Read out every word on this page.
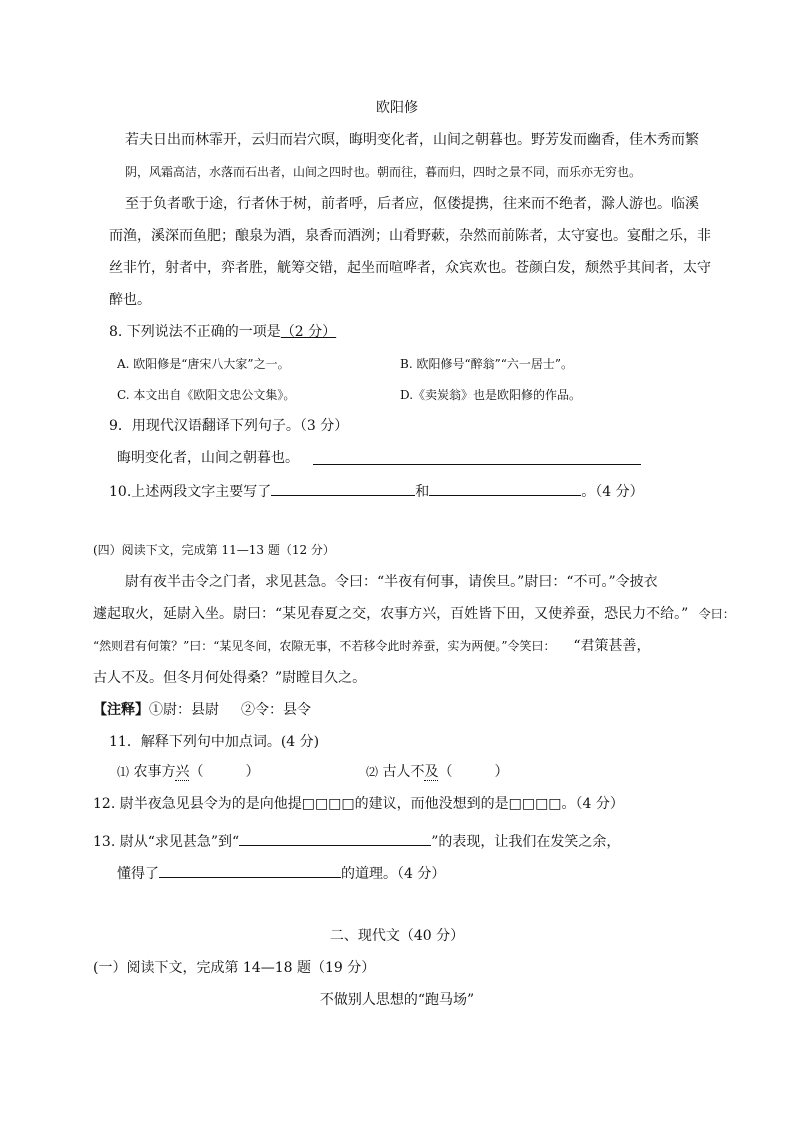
欧阳修
若夫日出而林霏开，云归而岩穴暝，晦明变化者，山间之朝暮也。野芳发而幽香，佳木秀而繁
阴，风霜高洁，水落而石出者，山间之四时也。朝而往，暮而归，四时之景不同，而乐亦无穷也。
至于负者歌于途，行者休于树，前者呼，后者应，伛偻提携，往来而不绝者，滁人游也。临溪
而渔，溪深而鱼肥；酿泉为酒，泉香而酒洌；山肴野蔌，杂然而前陈者，太守宴也。宴酣之乐，非
丝非竹，射者中，弈者胜，觥筹交错，起坐而喧哗者，众宾欢也。苍颜白发，颓然乎其间者，太守
醉也。
8. 下列说法不正确的一项是（2 分）
A. 欧阳修是“唐宋八大家”之一。	B. 欧阳修号“醉翁”“六一居士”。
C. 本文出自《欧阳文忠公文集》。	D.《卖炭翁》也是欧阳修的作品。
9．用现代汉语翻译下列句子。（3 分）
晦明变化者，山间之朝暮也。
10.上述两段文字主要写了	和	。（4 分）
(四）阅读下文，完成第 11—13 题（12 分）
尉有夜半击令之门者，求见甚急。令曰：“半夜有何事，请俟旦。”尉曰：“不可。”令披衣
遽起取火，延尉入坐。尉曰：“某见春夏之交，农事方兴，百姓皆下田，又使养蚕，恐民力不给。” 令曰：
“然则君有何策？”曰：“某见冬间，农隙无事，不若移令此时养蚕，实为两便。”令笑曰： “君策甚善，
古人不及。但冬月何处得桑？”尉瞠目久之。
【注释】①尉：县尉 ②令：县令
11．解释下列句中加点词。(4 分)
⑴ 农事方兴（　　　）	⑵ 古人不及（　　　）
12. 尉半夜急见县令为的是向他提□□□□的建议，而他没想到的是□□□□。（4 分）
13. 尉从“求见甚急”到“	”的表现，让我们在发笑之余，
懂得了	的道理。（4 分）
二、现代文（40 分）
(一）阅读下文，完成第 14—18 题（19 分）
不做别人思想的“跑马场”
